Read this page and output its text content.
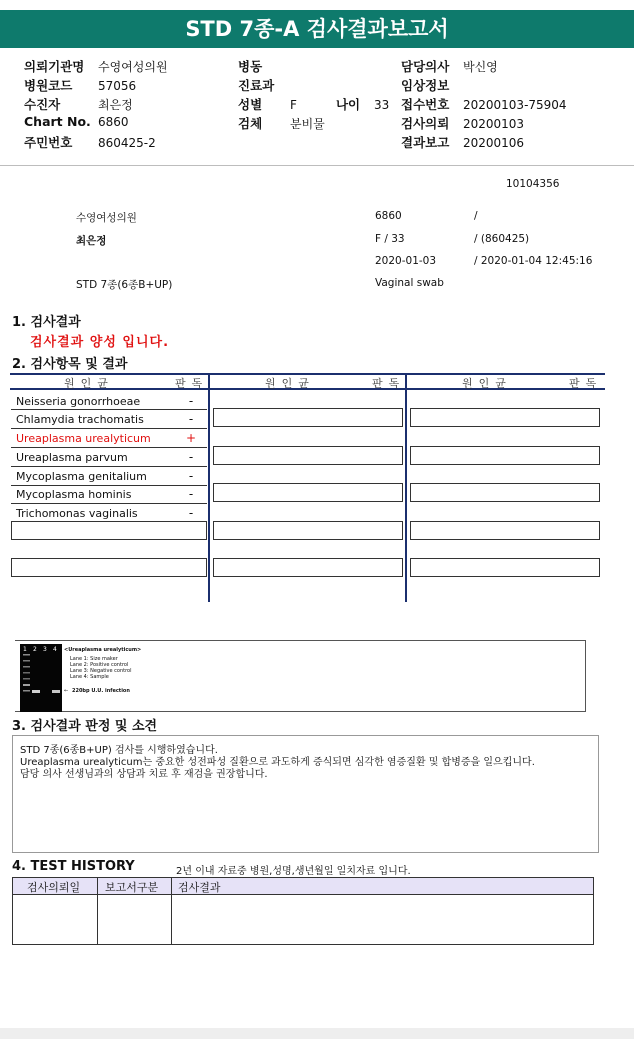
STD 7종-A 검사결과보고서
의뢰기관명 수영여성의원
병원코드 57056
수진자	최은정
Chart No. 6860
주민번호 860425-2
병동
진료과
성별 F	나이 33
검체 분비물
담당의사 박신영
임상정보
접수번호 20200103-75904
검사의뢰 20200103
결과보고 20200106
10104356
수영여성의원	6860	/
최은정	F / 33	/ (860425)
2020-01-03	/ 2020-01-04 12:45:16
STD 7종(6종B+UP)	Vaginal swab
1. 검사결과
검사결과 양성 입니다.
2. 검사항목 및 결과
원인균	판독	원인균	판독	원인균	판독
Neisseria gonorrhoeae	-
Chlamydia trachomatis	-
Ureaplasma urealyticum	+
Ureaplasma parvum	-
Mycoplasma genitalium	-
Mycoplasma hominis	-
Trichomonas vaginalis	-
1 2 3 4 <Ureaplasma urealyticum>
Lane 1: Size maker
Lane 2: Positive control
Lane 3: Negative control
Lane 4: Sample
← 220bp U.U. infection
3. 검사결과 판정 및 소견
STD 7종(6종B+UP) 검사를 시행하였습니다.
Ureaplasma urealyticum는 중요한 성전파성 질환으로 과도하게 증식되면 심각한 염증질환 및 합병증을 일으킵니다.
담당 의사 선생님과의 상담과 치료 후 재검을 권장합니다.
4. TEST HISTORY	2년 이내 자료중 병원,성명,생년월일 일치자료 입니다.
검사의뢰일 보고서구분 검사결과
